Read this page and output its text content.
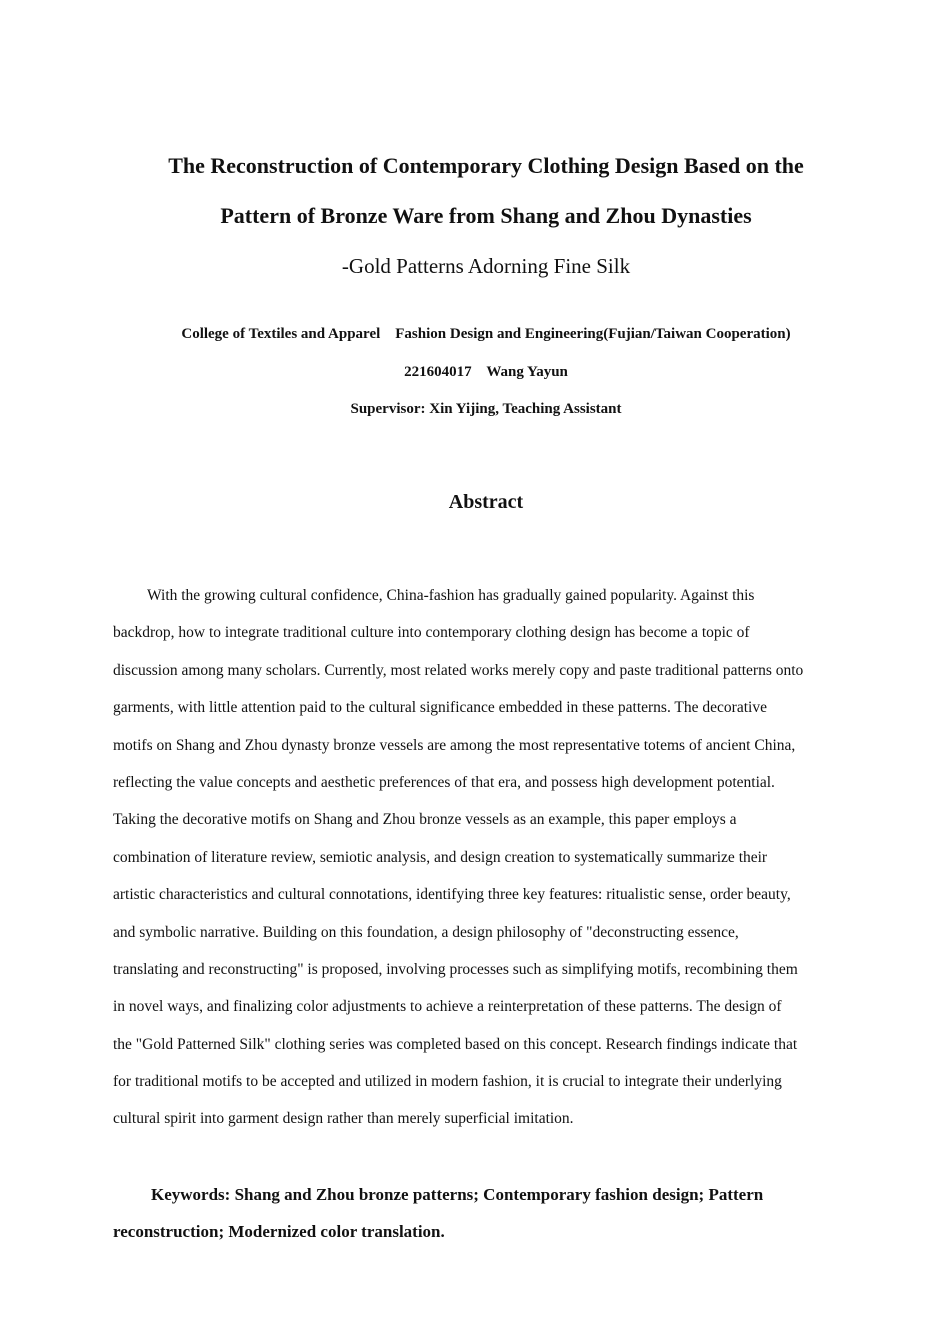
The Reconstruction of Contemporary Clothing Design Based on the
Pattern of Bronze Ware from Shang and Zhou Dynasties
-Gold Patterns Adorning Fine Silk
College of Textiles and Apparel    Fashion Design and Engineering(Fujian/Taiwan Cooperation)
221604017    Wang Yayun
Supervisor: Xin Yijing, Teaching Assistant
Abstract
With the growing cultural confidence, China-fashion has gradually gained popularity. Against this
backdrop, how to integrate traditional culture into contemporary clothing design has become a topic of
discussion among many scholars. Currently, most related works merely copy and paste traditional patterns onto
garments, with little attention paid to the cultural significance embedded in these patterns. The decorative
motifs on Shang and Zhou dynasty bronze vessels are among the most representative totems of ancient China,
reflecting the value concepts and aesthetic preferences of that era, and possess high development potential.
Taking the decorative motifs on Shang and Zhou bronze vessels as an example, this paper employs a
combination of literature review, semiotic analysis, and design creation to systematically summarize their
artistic characteristics and cultural connotations, identifying three key features: ritualistic sense, order beauty,
and symbolic narrative. Building on this foundation, a design philosophy of "deconstructing essence,
translating and reconstructing" is proposed, involving processes such as simplifying motifs, recombining them
in novel ways, and finalizing color adjustments to achieve a reinterpretation of these patterns. The design of
the "Gold Patterned Silk" clothing series was completed based on this concept. Research findings indicate that
for traditional motifs to be accepted and utilized in modern fashion, it is crucial to integrate their underlying
cultural spirit into garment design rather than merely superficial imitation.
Keywords: Shang and Zhou bronze patterns; Contemporary fashion design; Pattern
reconstruction; Modernized color translation.
